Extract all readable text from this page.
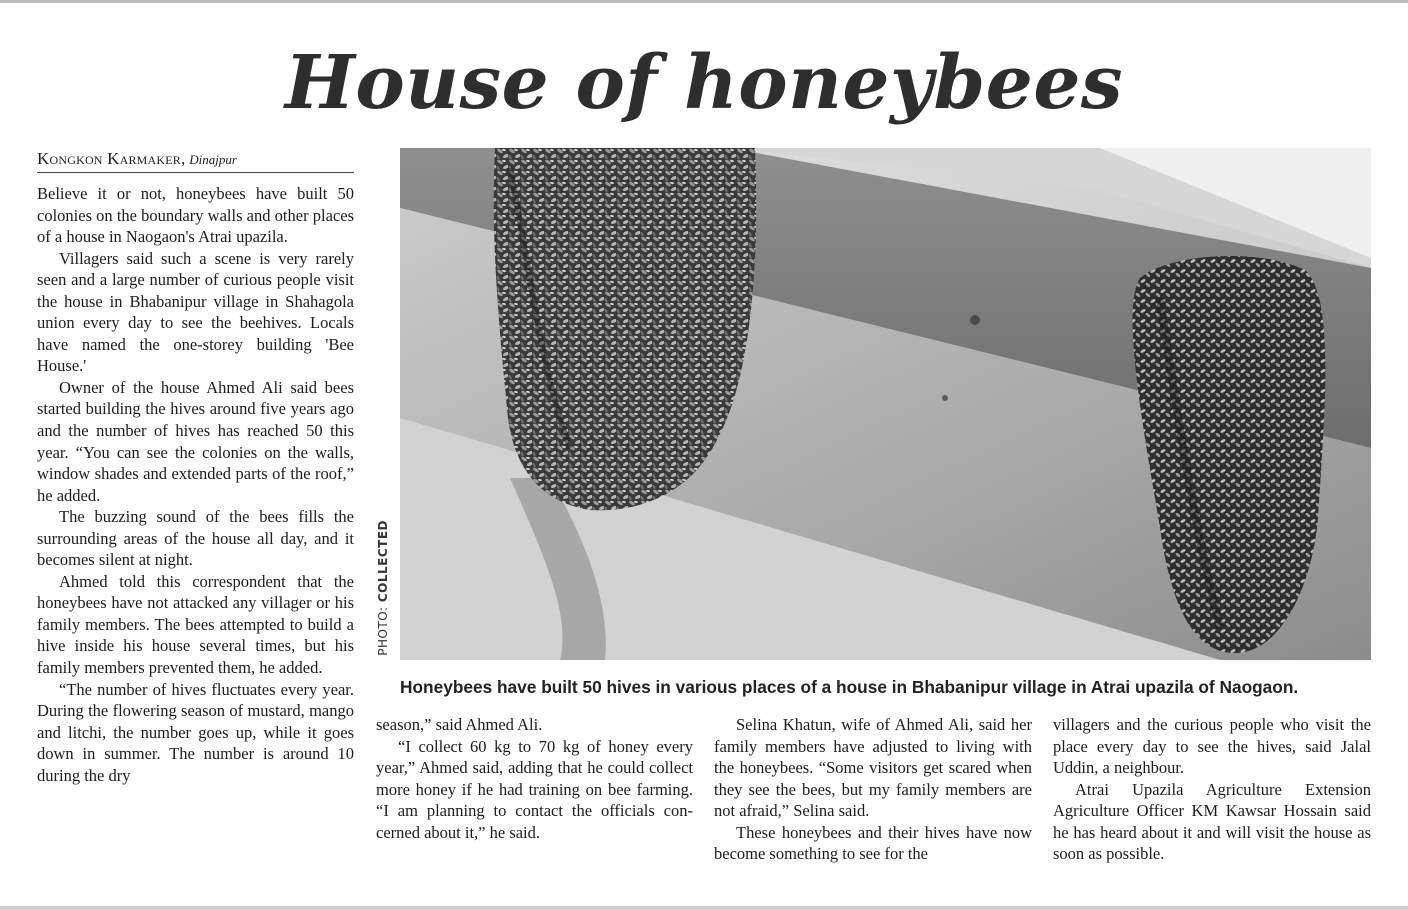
House of honeybees
Kongkon Karmaker, Dinajpur

Believe it or not, honeybees have built 50 colonies on the boundary walls and other places of a house in Naogaon's Atrai upazila.

Villagers said such a scene is very rarely seen and a large number of curious people visit the house in Bhabanipur village in Shahagola union every day to see the beehives. Locals have named the one-storey building 'Bee House.'

Owner of the house Ahmed Ali said bees started building the hives around five years ago and the number of hives has reached 50 this year. “You can see the colonies on the walls, window shades and extended parts of the roof,” he added.

The buzzing sound of the bees fills the surrounding areas of the house all day, and it becomes silent at night.

Ahmed told this correspondent that the honeybees have not attacked any villager or his family members. The bees attempted to build a hive inside his house several times, but his family members prevented them, he added.

“The number of hives fluctuates every year. During the flowering season of mustard, mango and litchi, the number goes up, while it goes down in summer. The number is around 10 during the dry

PHOTO: COLLECTED
Honeybees have built 50 hives in various places of a house in Bhabanipur village in Atrai upazila of Naogaon.

season,” said Ahmed Ali.

“I collect 60 kg to 70 kg of honey every year,” Ahmed said, adding that he could collect more honey if he had training on bee farming. “I am planning to contact the officials concerned about it,” he said.

Selina Khatun, wife of Ahmed Ali, said her family members have adjusted to living with the honeybees. “Some visitors get scared when they see the bees, but my family members are not afraid,” Selina said.

These honeybees and their hives have now become something to see for the

villagers and the curious people who visit the place every day to see the hives, said Jalal Uddin, a neighbour.

Atrai Upazila Agriculture Extension Agriculture Officer KM Kawsar Hossain said he has heard about it and will visit the house as soon as possible.
